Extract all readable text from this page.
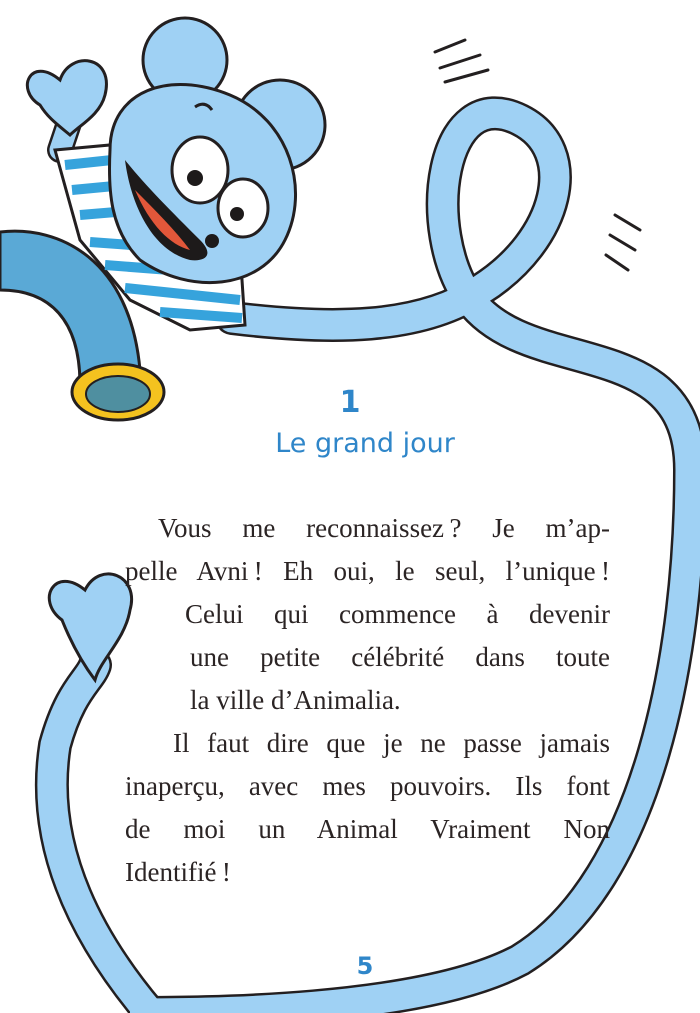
1
Le grand jour

Vous me reconnaissez ? Je m’ap-

pelle Avni ! Eh oui, le seul, l’unique !

Celui qui commence à devenir

une petite célébrité dans toute

la ville d’Animalia.

Il faut dire que je ne passe jamais

inaperçu, avec mes pouvoirs. Ils font

de moi un Animal Vraiment Non

Identifié !

5
